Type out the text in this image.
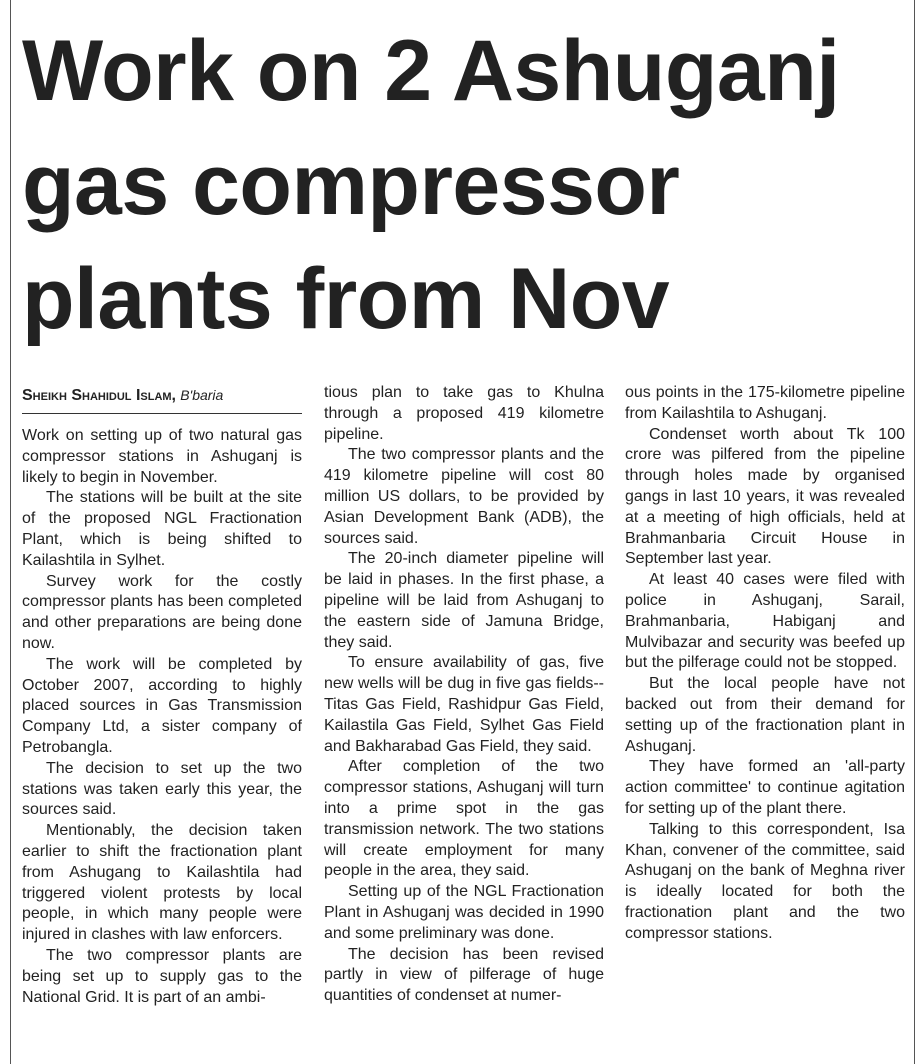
Work on 2 Ashuganj
gas compressor
plants from Nov
Sheikh Shahidul Islam, B'baria

Work on setting up of two natural gas compressor stations in Ashuganj is likely to begin in November.

The stations will be built at the site of the proposed NGL Fractionation Plant, which is being shifted to Kailashtila in Sylhet.

Survey work for the costly compressor plants has been completed and other preparations are being done now.

The work will be completed by October 2007, according to highly placed sources in Gas Transmission Company Ltd, a sister company of Petrobangla.

The decision to set up the two stations was taken early this year, the sources said.

Mentionably, the decision taken earlier to shift the fractionation plant from Ashugang to Kailashtila had triggered violent protests by local people, in which many people were injured in clashes with law enforcers.

The two compressor plants are being set up to supply gas to the National Grid. It is part of an ambi-

tious plan to take gas to Khulna through a proposed 419 kilometre pipeline.

The two compressor plants and the 419 kilometre pipeline will cost 80 million US dollars, to be provided by Asian Development Bank (ADB), the sources said.

The 20-inch diameter pipeline will be laid in phases. In the first phase, a pipeline will be laid from Ashuganj to the eastern side of Jamuna Bridge, they said.

To ensure availability of gas, five new wells will be dug in five gas fields-- Titas Gas Field, Rashidpur Gas Field, Kailastila Gas Field, Sylhet Gas Field and Bakharabad Gas Field, they said.

After completion of the two compressor stations, Ashuganj will turn into a prime spot in the gas transmission network. The two stations will create employment for many people in the area, they said.

Setting up of the NGL Fractionation Plant in Ashuganj was decided in 1990 and some preliminary was done.

The decision has been revised partly in view of pilferage of huge quantities of condenset at numer-

ous points in the 175-kilometre pipeline from Kailashtila to Ashuganj.

Condenset worth about Tk 100 crore was pilfered from the pipeline through holes made by organised gangs in last 10 years, it was revealed at a meeting of high officials, held at Brahmanbaria Circuit House in September last year.

At least 40 cases were filed with police in Ashuganj, Sarail, Brahmanbaria, Habiganj and Mulvibazar and security was beefed up but the pilferage could not be stopped.

But the local people have not backed out from their demand for setting up of the fractionation plant in Ashuganj.

They have formed an 'all-party action committee' to continue agitation for setting up of the plant there.

Talking to this correspondent, Isa Khan, convener of the committee, said Ashuganj on the bank of Meghna river is ideally located for both the fractionation plant and the two compressor stations.
